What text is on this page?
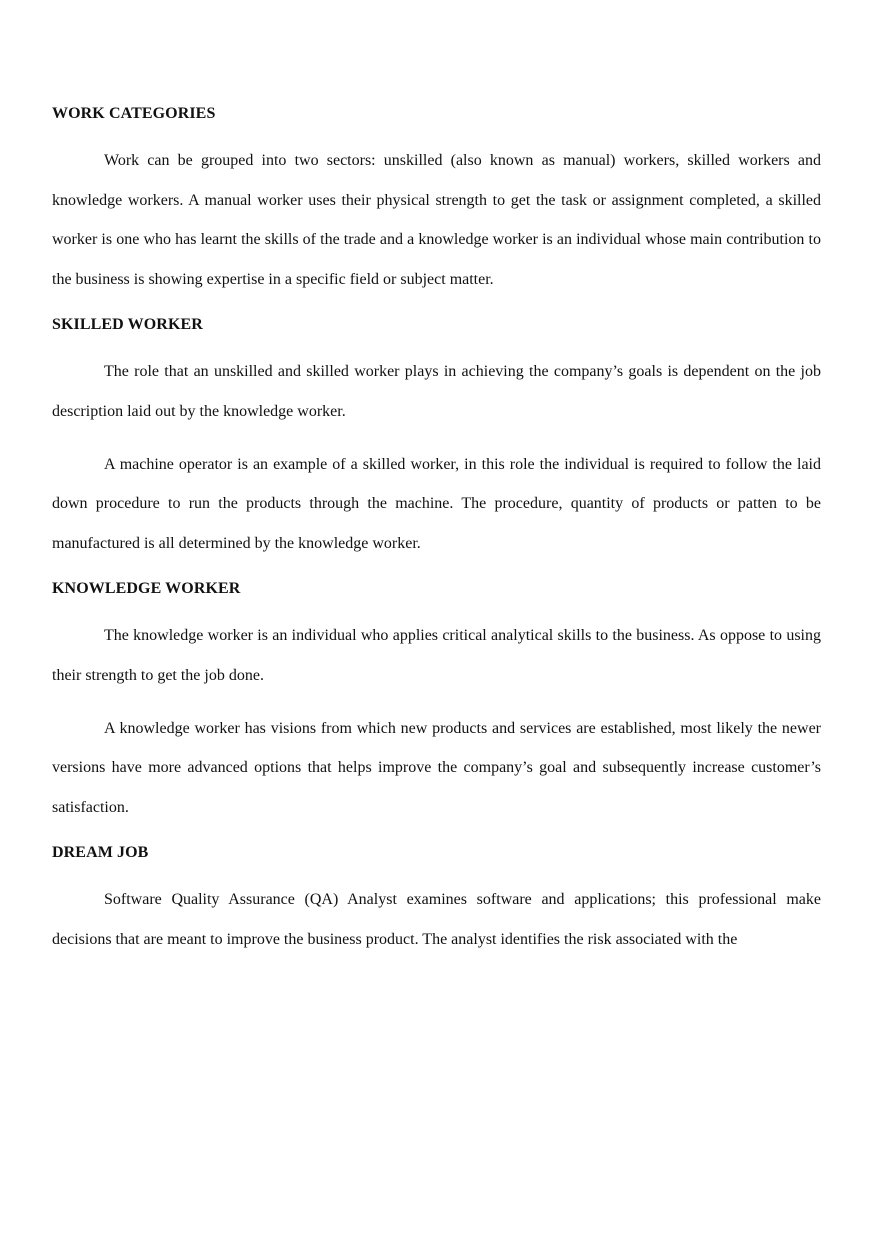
WORK CATEGORIES

Work can be grouped into two sectors: unskilled (also known as manual) workers, skilled workers and knowledge workers. A manual worker uses their physical strength to get the task or assignment completed, a skilled worker is one who has learnt the skills of the trade and a knowledge worker is an individual whose main contribution to the business is showing expertise in a specific field or subject matter.

SKILLED WORKER

The role that an unskilled and skilled worker plays in achieving the company’s goals is dependent on the job description laid out by the knowledge worker.

A machine operator is an example of a skilled worker, in this role the individual is required to follow the laid down procedure to run the products through the machine. The procedure, quantity of products or patten to be manufactured is all determined by the knowledge worker.

KNOWLEDGE WORKER

The knowledge worker is an individual who applies critical analytical skills to the business. As oppose to using their strength to get the job done.

A knowledge worker has visions from which new products and services are established, most likely the newer versions have more advanced options that helps improve the company’s goal and subsequently increase customer’s satisfaction.

DREAM JOB

Software Quality Assurance (QA) Analyst examines software and applications; this professional make decisions that are meant to improve the business product. The analyst identifies the risk associated with the
